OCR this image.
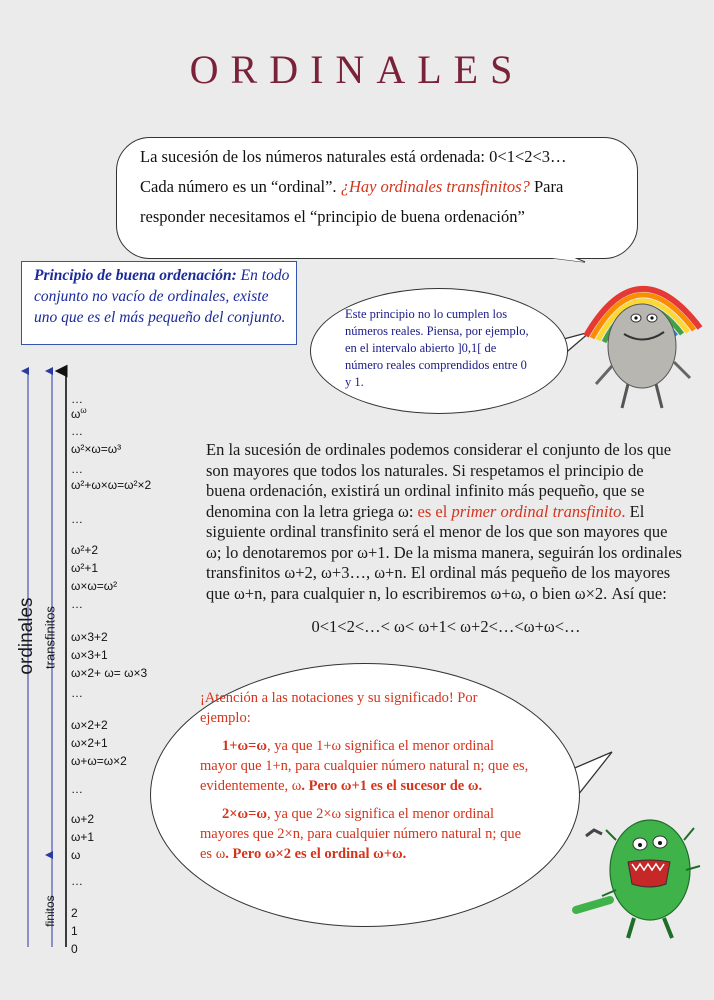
ORDINALES
La sucesión de los números naturales está ordenada: 0<1<2<3…
Cada número es un “ordinal”. ¿Hay ordinales transfinitos? Para
responder necesitamos el “principio de buena ordenación”
Principio de buena ordenación: En todo conjunto no vacío de ordinales, existe uno que es el más pequeño del conjunto.	Este principio no lo cumplen los números reales. Piensa, por ejemplo, en el intervalo abierto ]0,1[ de número reales comprendidos entre 0 y 1.
En la sucesión de ordinales podemos considerar el conjunto de los que son mayores que todos los naturales. Si respetamos el principio de buena ordenación, existirá un ordinal infinito más pequeño, que se denomina con la letra griega ω: es el primer ordinal transfinito. El siguiente ordinal transfinito será el menor de los que son mayores que ω; lo denotaremos por ω+1. De la misma manera, seguirán los ordinales transfinitos ω+2, ω+3…, ω+n. El ordinal más pequeño de los mayores que ω+n, para cualquier n, lo escribiremos ω+ω, o bien ω×2. Así que:
0<1<2<…< ω< ω+1< ω+2<…<ω+ω<…

¡Atención a las notaciones y su significado! Por ejemplo:

1+ω=ω, ya que 1+ω significa el menor ordinal mayor que 1+n, para cualquier número natural n; que es, evidentemente, ω. Pero ω+1 es el sucesor de ω.

2×ω=ω, ya que 2×ω significa el menor ordinal mayores que 2×n, para cualquier número natural n; que es ω. Pero ω×2 es el ordinal ω+ω.

…
$\omega^\omega$
…
ω²×ω=ω³
…
ω²+ω×ω=ω²×2
…
ω²+2
ω²+1
ω×ω=ω²
…
ω×3+2
ω×3+1
ω×2+ ω= ω×3
…
ω×2+2
ω×2+1
ω+ω=ω×2
…
ω+2
ω+1
ω
…
2
1
0
ordinales transfinitos
finitos
